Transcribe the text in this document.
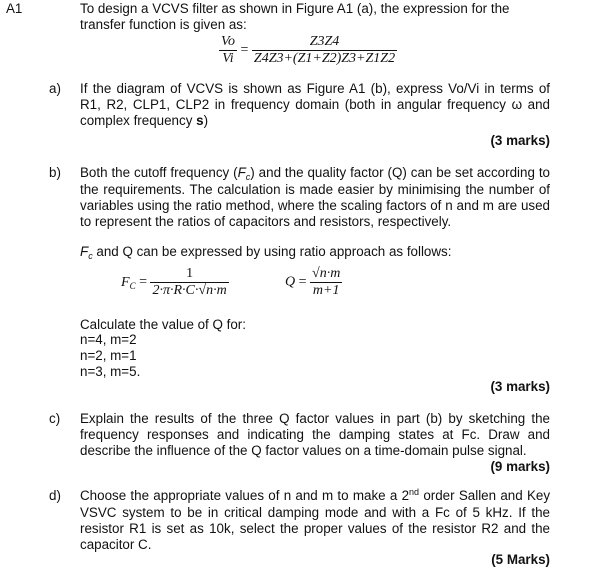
A1	To design a VCVS filter as shown in Figure A1 (a), the expression for the
transfer function is given as:
$\frac{Vo}{Vi} = \frac{Z3Z4}{Z4Z3+(Z1+Z2)Z3+Z1Z2}$
a) If the diagram of VCVS is shown as Figure A1 (b), express Vo/Vi in terms of R1, R2, CLP1, CLP2 in frequency domain (both in angular frequency ω and complex frequency s)
(3 marks)
b) Both the cutoff frequency $(F_c)$ and the quality factor (Q) can be set according to the requirements. The calculation is made easier by minimising the number of variables using the ratio method, where the scaling factors of n and m are used to represent the ratios of capacitors and resistors, respectively.
$F_c$ and Q can be expressed by using ratio approach as follows:
$F_C = \frac{1}{2\cdot\pi\cdot R\cdot C\cdot√n\cdot m}$	$Q = \frac{√n\cdot m}{m+1}$
Calculate the value of Q for:
n=4, m=2
n=2, m=1
n=3, m=5.
(3 marks)
c) Explain the results of the three Q factor values in part (b) by sketching the frequency responses and indicating the damping states at Fc. Draw and describe the influence of the Q factor values on a time-domain pulse signal.
(9 marks)
d) Choose the appropriate values of n and m to make a 2nd order Sallen and Key VSVC system to be in critical damping mode and with a Fc of 5 kHz. If the resistor R1 is set as 10k, select the proper values of the resistor R2 and the capacitor C.
(5 Marks)
